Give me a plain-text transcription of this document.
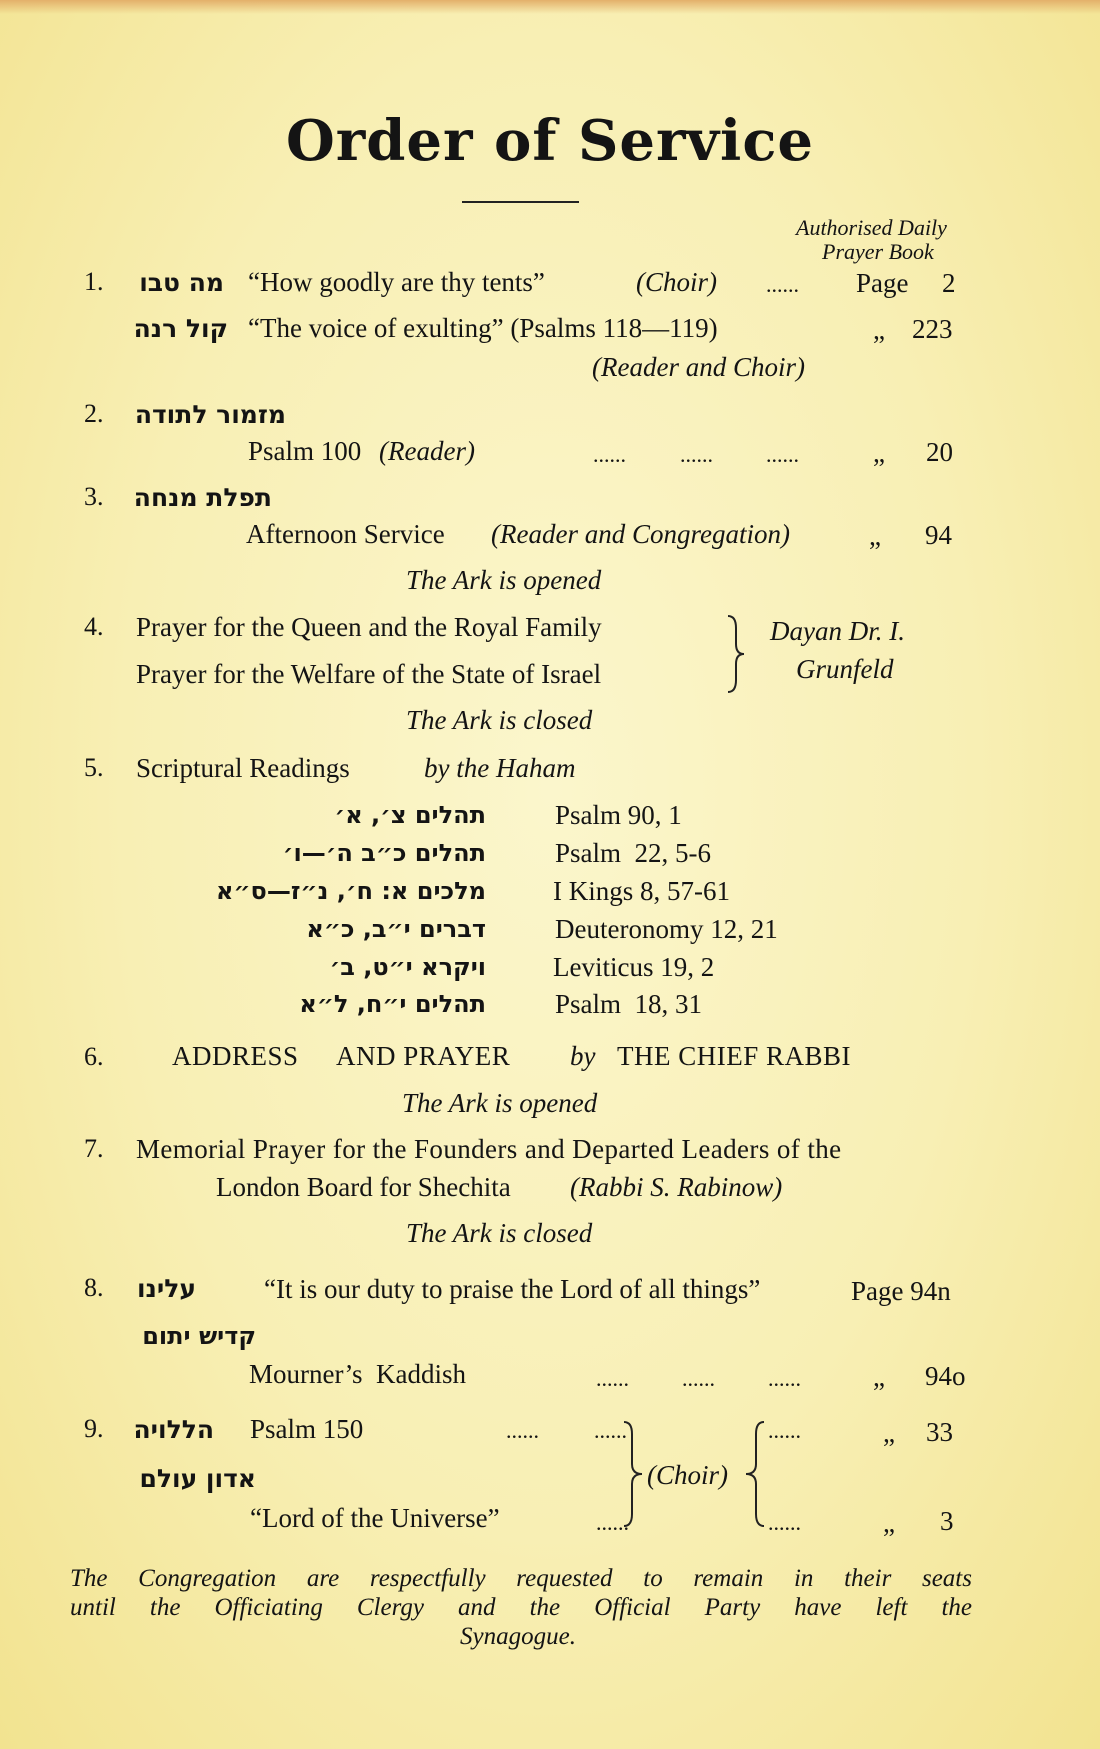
Order of Service
Authorised Daily
Prayer Book
1. מה טבו “How goodly are thy tents”	(Choir) ...... Page 2
קול רנה “The voice of exulting” (Psalms 118—119)	„ 223
(Reader and Choir)
2. מזמור לתודה
Psalm 100 (Reader)	...... ...... ......	„ 20
3. תפלת מנחה
Afternoon Service (Reader and Congregation)	„ 94
The Ark is opened
4. Prayer for the Queen and the Royal Family
Prayer for the Welfare of the State of Israel
Dayan Dr. I.
Grunfeld
The Ark is closed
5. Scriptural Readings	by the Haham
תהלים צ׳, א׳	Psalm 90, 1
תהלים כ״ב ה׳—ו׳	Psalm  22, 5-6
מלכים א: ח׳, נ״ז—ס״א I Kings 8, 57-61
דברים י״ב, כ״א	Deuteronomy 12, 21
ויקרא י״ט, ב׳ Leviticus 19, 2
תהלים י״ח, ל״א	Psalm  18, 31
6.	ADDRESS AND PRAYER by THE CHIEF RABBI
The Ark is opened
7. Memorial Prayer for the Founders and Departed Leaders of the
London Board for Shechita (Rabbi S. Rabinow)
The Ark is closed
8. עלינו	“It is our duty to praise the Lord of all things”	Page 94n
קדיש יתום
Mourner’s  Kaddish	...... ...... ......	„ 94o
9. הללויה Psalm 150	......	......	......	„ 33
(Choir)
אדון עולם
“Lord of the Universe”	......	......	„ 3
The Congregation are respectfully requested to remain in their seats
until the Officiating Clergy and the Official Party have left the
Synagogue.
